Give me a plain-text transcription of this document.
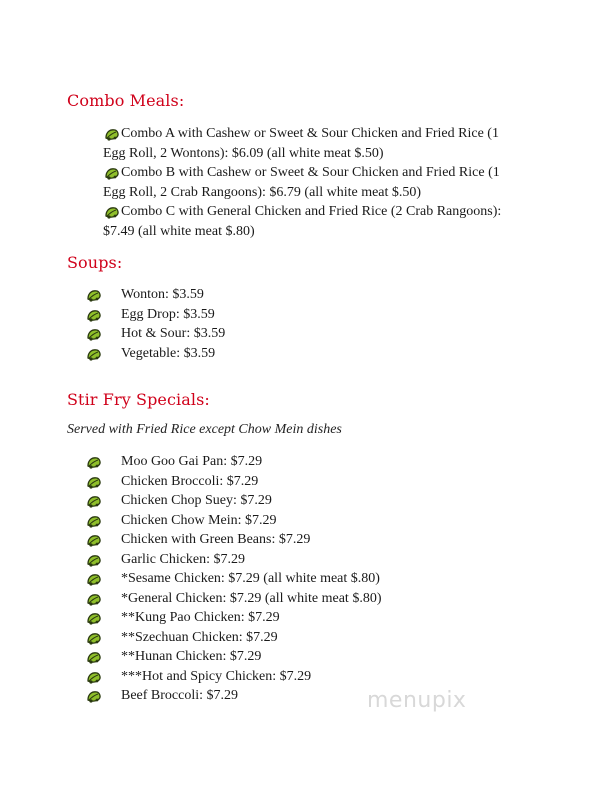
Combo Meals:
Combo A with Cashew or Sweet & Sour Chicken and Fried Rice (1 Egg Roll, 2 Wontons): $6.09 (all white meat $.50)
Combo B with Cashew or Sweet & Sour Chicken and Fried Rice (1 Egg Roll, 2 Crab Rangoons): $6.79 (all white meat $.50)
Combo C with General Chicken and Fried Rice (2 Crab Rangoons): $7.49 (all white meat $.80)
Soups:
Wonton: $3.59
Egg Drop: $3.59
Hot & Sour: $3.59
Vegetable: $3.59
Stir Fry Specials:

Served with Fried Rice except Chow Mein dishes

Moo Goo Gai Pan: $7.29
Chicken Broccoli: $7.29
Chicken Chop Suey: $7.29
Chicken Chow Mein: $7.29
Chicken with Green Beans: $7.29
Garlic Chicken: $7.29
*Sesame Chicken: $7.29 (all white meat $.80)
*General Chicken: $7.29 (all white meat $.80)
**Kung Pao Chicken: $7.29
**Szechuan Chicken: $7.29
**Hunan Chicken: $7.29
***Hot and Spicy Chicken: $7.29
Beef Broccoli: $7.29	menupix
